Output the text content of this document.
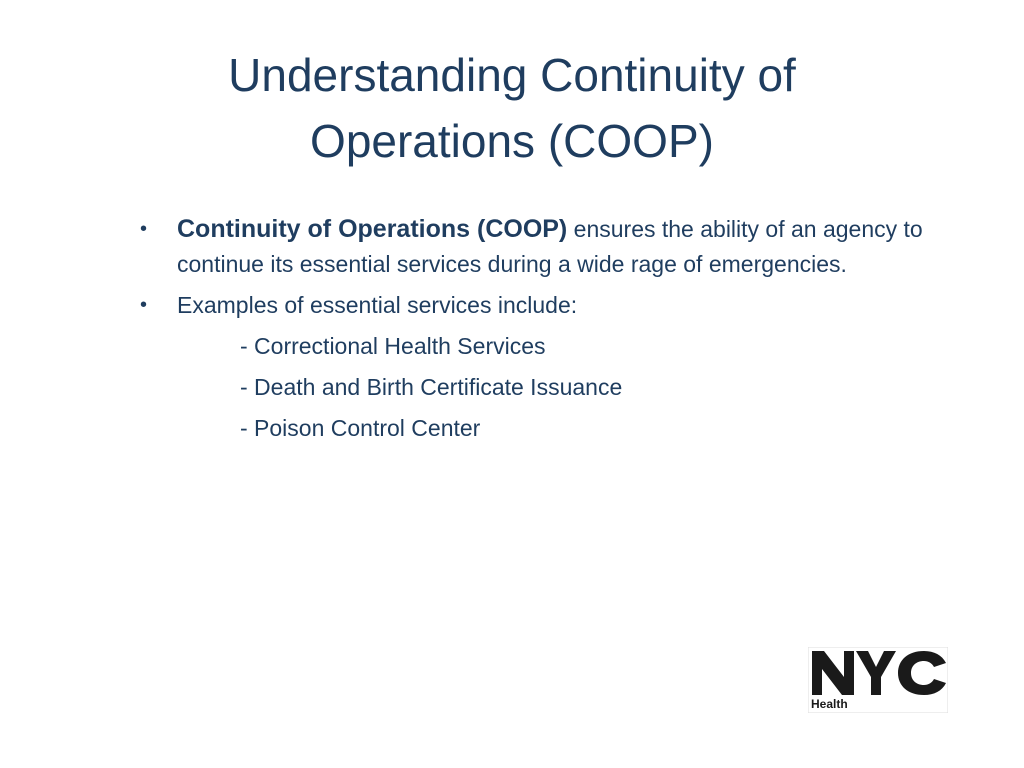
Understanding Continuity of
Operations (COOP)
• Continuity of Operations (COOP) ensures the ability of an agency to continue its essential services during a wide rage of emergencies.
• Examples of essential services include:
- Correctional Health Services
- Death and Birth Certificate Issuance
- Poison Control Center
Health
